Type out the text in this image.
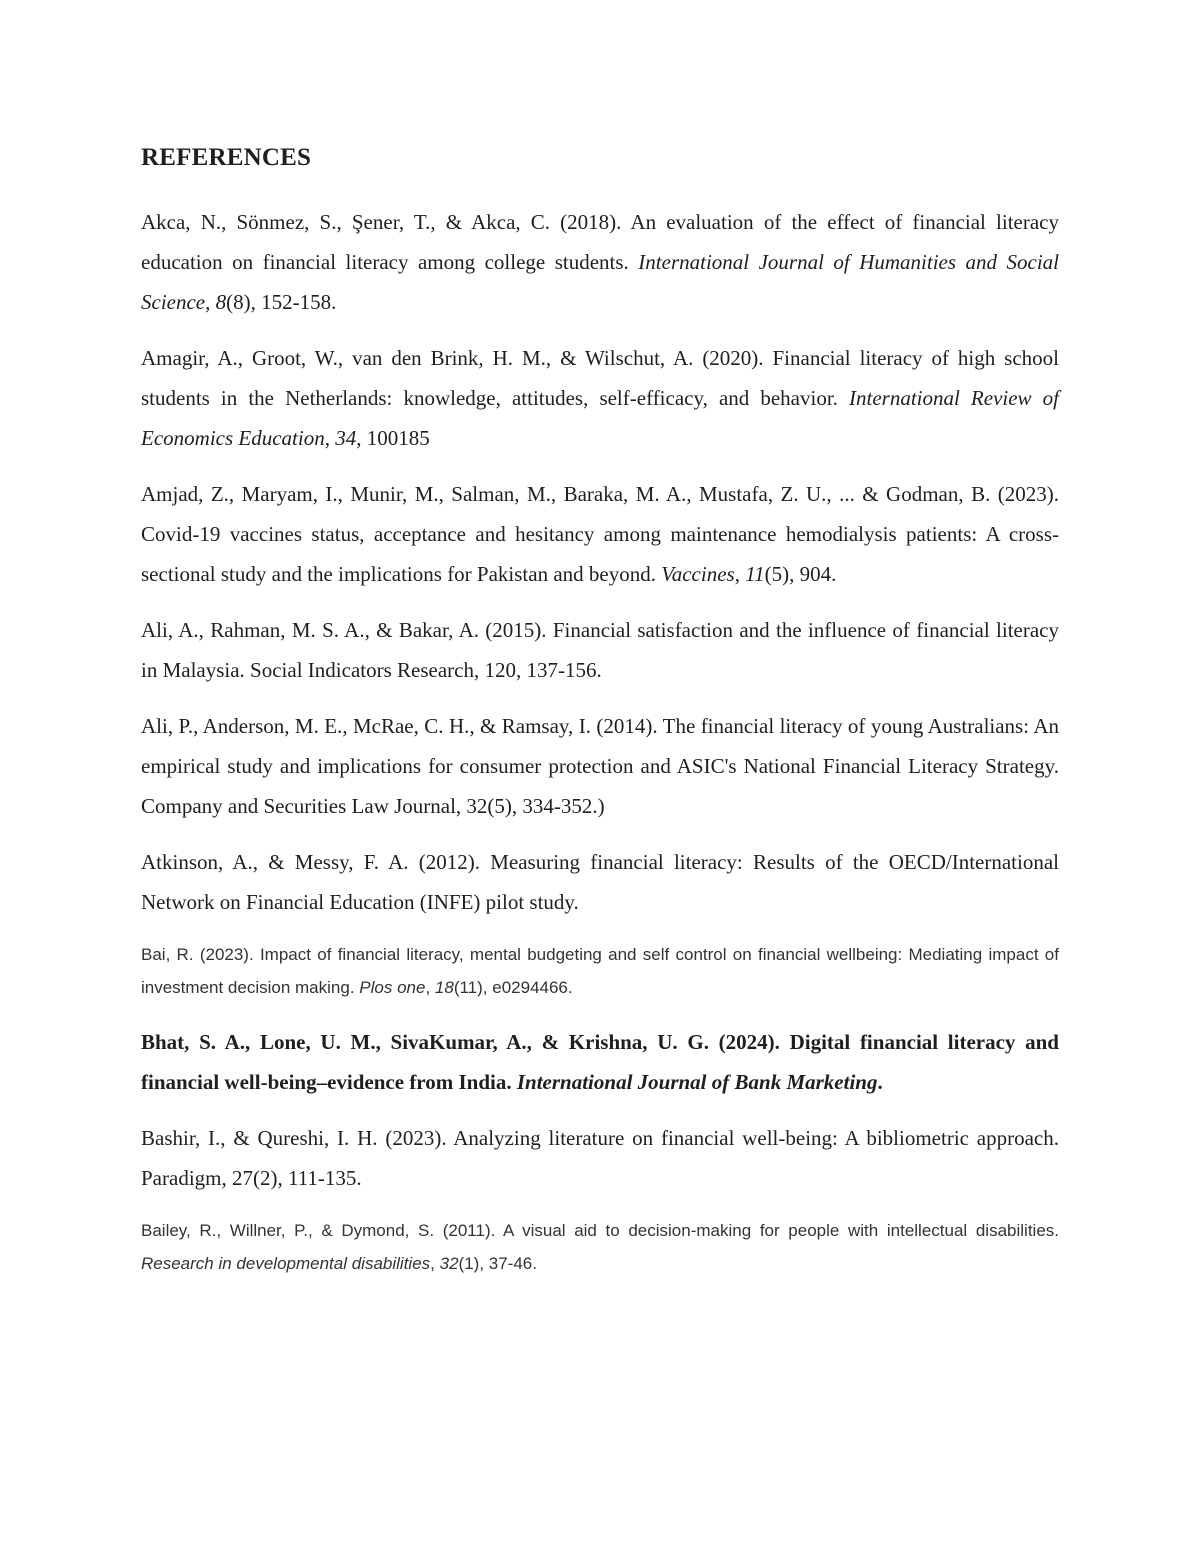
REFERENCES

Akca, N., Sönmez, S., Şener, T., & Akca, C. (2018). An evaluation of the effect of financial literacy education on financial literacy among college students. International Journal of Humanities and Social Science, 8(8), 152-158.

Amagir, A., Groot, W., van den Brink, H. M., & Wilschut, A. (2020). Financial literacy of high school students in the Netherlands: knowledge, attitudes, self-efficacy, and behavior. International Review of Economics Education, 34, 100185

Amjad, Z., Maryam, I., Munir, M., Salman, M., Baraka, M. A., Mustafa, Z. U., ... & Godman, B. (2023). Covid-19 vaccines status, acceptance and hesitancy among maintenance hemodialysis patients: A cross-sectional study and the implications for Pakistan and beyond. Vaccines, 11(5), 904.

Ali, A., Rahman, M. S. A., & Bakar, A. (2015). Financial satisfaction and the influence of financial literacy in Malaysia. Social Indicators Research, 120, 137-156.

Ali, P., Anderson, M. E., McRae, C. H., & Ramsay, I. (2014). The financial literacy of young Australians: An empirical study and implications for consumer protection and ASIC's National Financial Literacy Strategy. Company and Securities Law Journal, 32(5), 334-352.)

Atkinson, A., & Messy, F. A. (2012). Measuring financial literacy: Results of the OECD/International Network on Financial Education (INFE) pilot study.

Bai, R. (2023). Impact of financial literacy, mental budgeting and self control on financial wellbeing: Mediating impact of investment decision making. Plos one, 18(11), e0294466.

Bhat, S. A., Lone, U. M., SivaKumar, A., & Krishna, U. G. (2024). Digital financial literacy and financial well-being–evidence from India. International Journal of Bank Marketing.

Bashir, I., & Qureshi, I. H. (2023). Analyzing literature on financial well-being: A bibliometric approach. Paradigm, 27(2), 111-135.

Bailey, R., Willner, P., & Dymond, S. (2011). A visual aid to decision-making for people with intellectual disabilities. Research in developmental disabilities, 32(1), 37-46.
